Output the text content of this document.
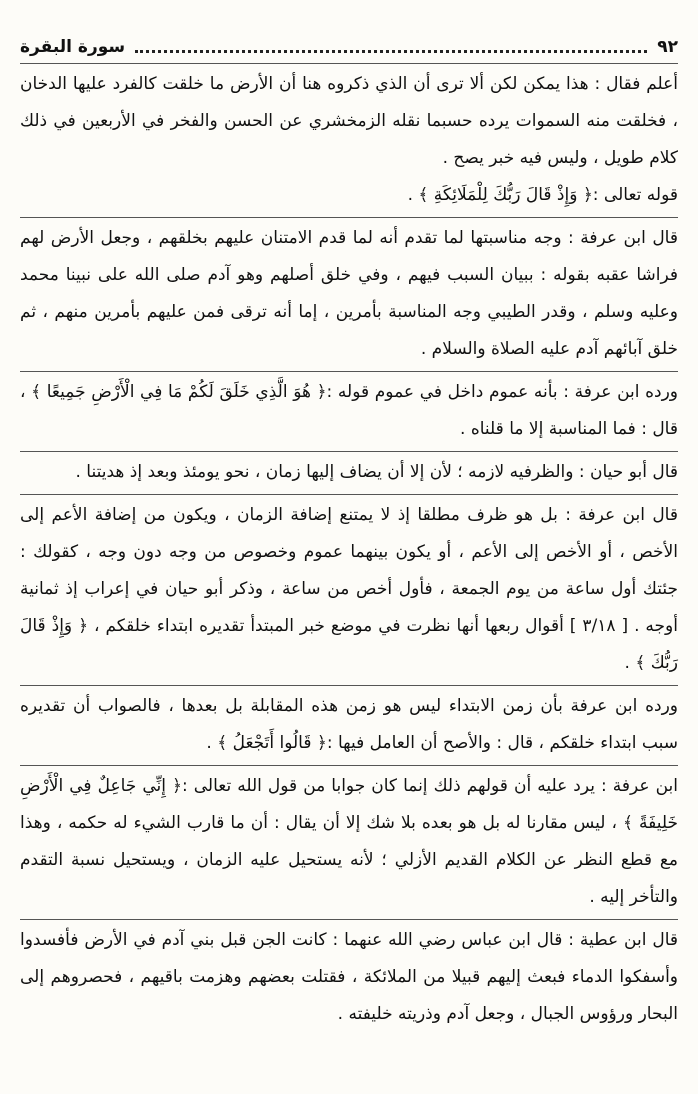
٩٢
سورة البقرة

أعلم فقال : هذا يمكن لكن ألا ترى أن الذي ذكروه هنا أن الأرض ما خلقت كالفرد عليها الدخان ، فخلقت منه السموات يرده حسبما نقله الزمخشري عن الحسن والفخر في الأربعين في ذلك كلام طويل ، وليس فيه خبر يصح .

قوله تعالى :﴿ وَإِذْ قَالَ رَبُّكَ لِلْمَلَائِكَةِ ﴾ .

قال ابن عرفة : وجه مناسبتها لما تقدم أنه لما قدم الامتنان عليهم بخلقهم ، وجعل الأرض لهم فراشا عقبه بقوله : ببيان السبب فيهم ، وفي خلق أصلهم وهو آدم صلى الله على نبينا محمد وعليه وسلم ، وقدر الطيبي وجه المناسبة بأمرين ، إما أنه ترقى فمن عليهم بأمرين منهم ، ثم خلق آبائهم آدم عليه الصلاة والسلام .

ورده ابن عرفة : بأنه عموم داخل في عموم قوله :﴿ هُوَ الَّذِي خَلَقَ لَكُمْ مَا فِي الْأَرْضِ جَمِيعًا ﴾ ، قال : فما المناسبة إلا ما قلناه .

قال أبو حيان : والظرفيه لازمه ؛ لأن إلا أن يضاف إليها زمان ، نحو يومئذ وبعد إذ هديتنا .

قال ابن عرفة : بل هو ظرف مطلقا إذ لا يمتنع إضافة الزمان ، ويكون من إضافة الأعم إلى الأخص ، أو الأخص إلى الأعم ، أو يكون بينهما عموم وخصوص من وجه دون وجه ، كقولك : جئتك أول ساعة من يوم الجمعة ، فأول أخص من ساعة ، وذكر أبو حيان في إعراب إذ ثمانية أوجه . [ ٣/١٨ ] أقوال ربعها أنها نظرت في موضع خبر المبتدأ تقديره ابتداء خلقكم ، ﴿ وَإِذْ قَالَ رَبُّكَ ﴾ .

ورده ابن عرفة بأن زمن الابتداء ليس هو زمن هذه المقابلة بل بعدها ، فالصواب أن تقديره سبب ابتداء خلقكم ، قال : والأصح أن العامل فيها :﴿ قَالُوا أَتَجْعَلُ ﴾ .

ابن عرفة : يرد عليه أن قولهم ذلك إنما كان جوابا من قول الله تعالى :﴿ إِنِّي جَاعِلٌ فِي الْأَرْضِ خَلِيفَةً ﴾ ، ليس مقارنا له بل هو بعده بلا شك إلا أن يقال : أن ما قارب الشيء له حكمه ، وهذا مع قطع النظر عن الكلام القديم الأزلي ؛ لأنه يستحيل عليه الزمان ، ويستحيل نسبة التقدم والتأخر إليه .

قال ابن عطية : قال ابن عباس رضي الله عنهما : كانت الجن قبل بني آدم في الأرض فأفسدوا وأسفكوا الدماء فبعث إليهم قبيلا من الملائكة ، فقتلت بعضهم وهزمت باقيهم ، فحصروهم إلى البحار ورؤوس الجبال ، وجعل آدم وذريته خليفته .
